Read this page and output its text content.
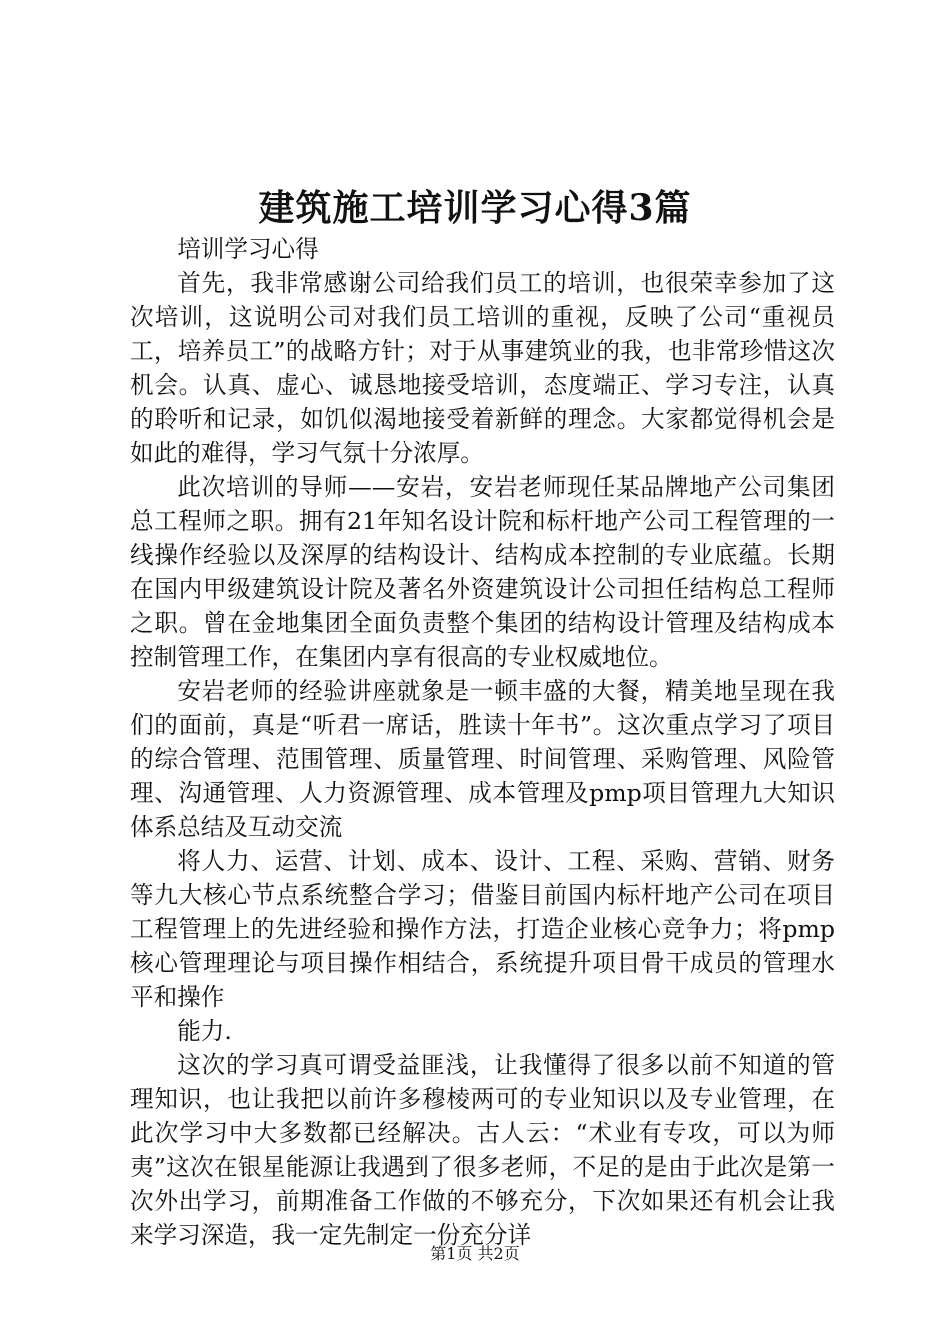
建筑施工培训学习心得3篇

培训学习心得

首先，我非常感谢公司给我们员工的培训，也很荣幸参加了这次培训，这说明公司对我们员工培训的重视，反映了公司“重视员工，培养员工”的战略方针；对于从事建筑业的我，也非常珍惜这次机会。认真、虚心、诚恳地接受培训，态度端正、学习专注，认真的聆听和记录，如饥似渴地接受着新鲜的理念。大家都觉得机会是如此的难得，学习气氛十分浓厚。

此次培训的导师——安岩，安岩老师现任某品牌地产公司集团总工程师之职。拥有21年知名设计院和标杆地产公司工程管理的一线操作经验以及深厚的结构设计、结构成本控制的专业底蕴。长期在国内甲级建筑设计院及著名外资建筑设计公司担任结构总工程师之职。曾在金地集团全面负责整个集团的结构设计管理及结构成本控制管理工作，在集团内享有很高的专业权威地位。

安岩老师的经验讲座就象是一顿丰盛的大餐，精美地呈现在我们的面前，真是“听君一席话，胜读十年书”。这次重点学习了项目的综合管理、范围管理、质量管理、时间管理、采购管理、风险管理、沟通管理、人力资源管理、成本管理及pmp项目管理九大知识体系总结及互动交流

将人力、运营、计划、成本、设计、工程、采购、营销、财务等九大核心节点系统整合学习；借鉴目前国内标杆地产公司在项目工程管理上的先进经验和操作方法，打造企业核心竞争力；将pmp核心管理理论与项目操作相结合，系统提升项目骨干成员的管理水平和操作

能力.

这次的学习真可谓受益匪浅，让我懂得了很多以前不知道的管理知识，也让我把以前许多穆棱两可的专业知识以及专业管理，在此次学习中大多数都已经解决。古人云：“术业有专攻，可以为师夷”这次在银星能源让我遇到了很多老师，不足的是由于此次是第一次外出学习，前期准备工作做的不够充分，下次如果还有机会让我来学习深造，我一定先制定一份充分详

第1页 共2页
